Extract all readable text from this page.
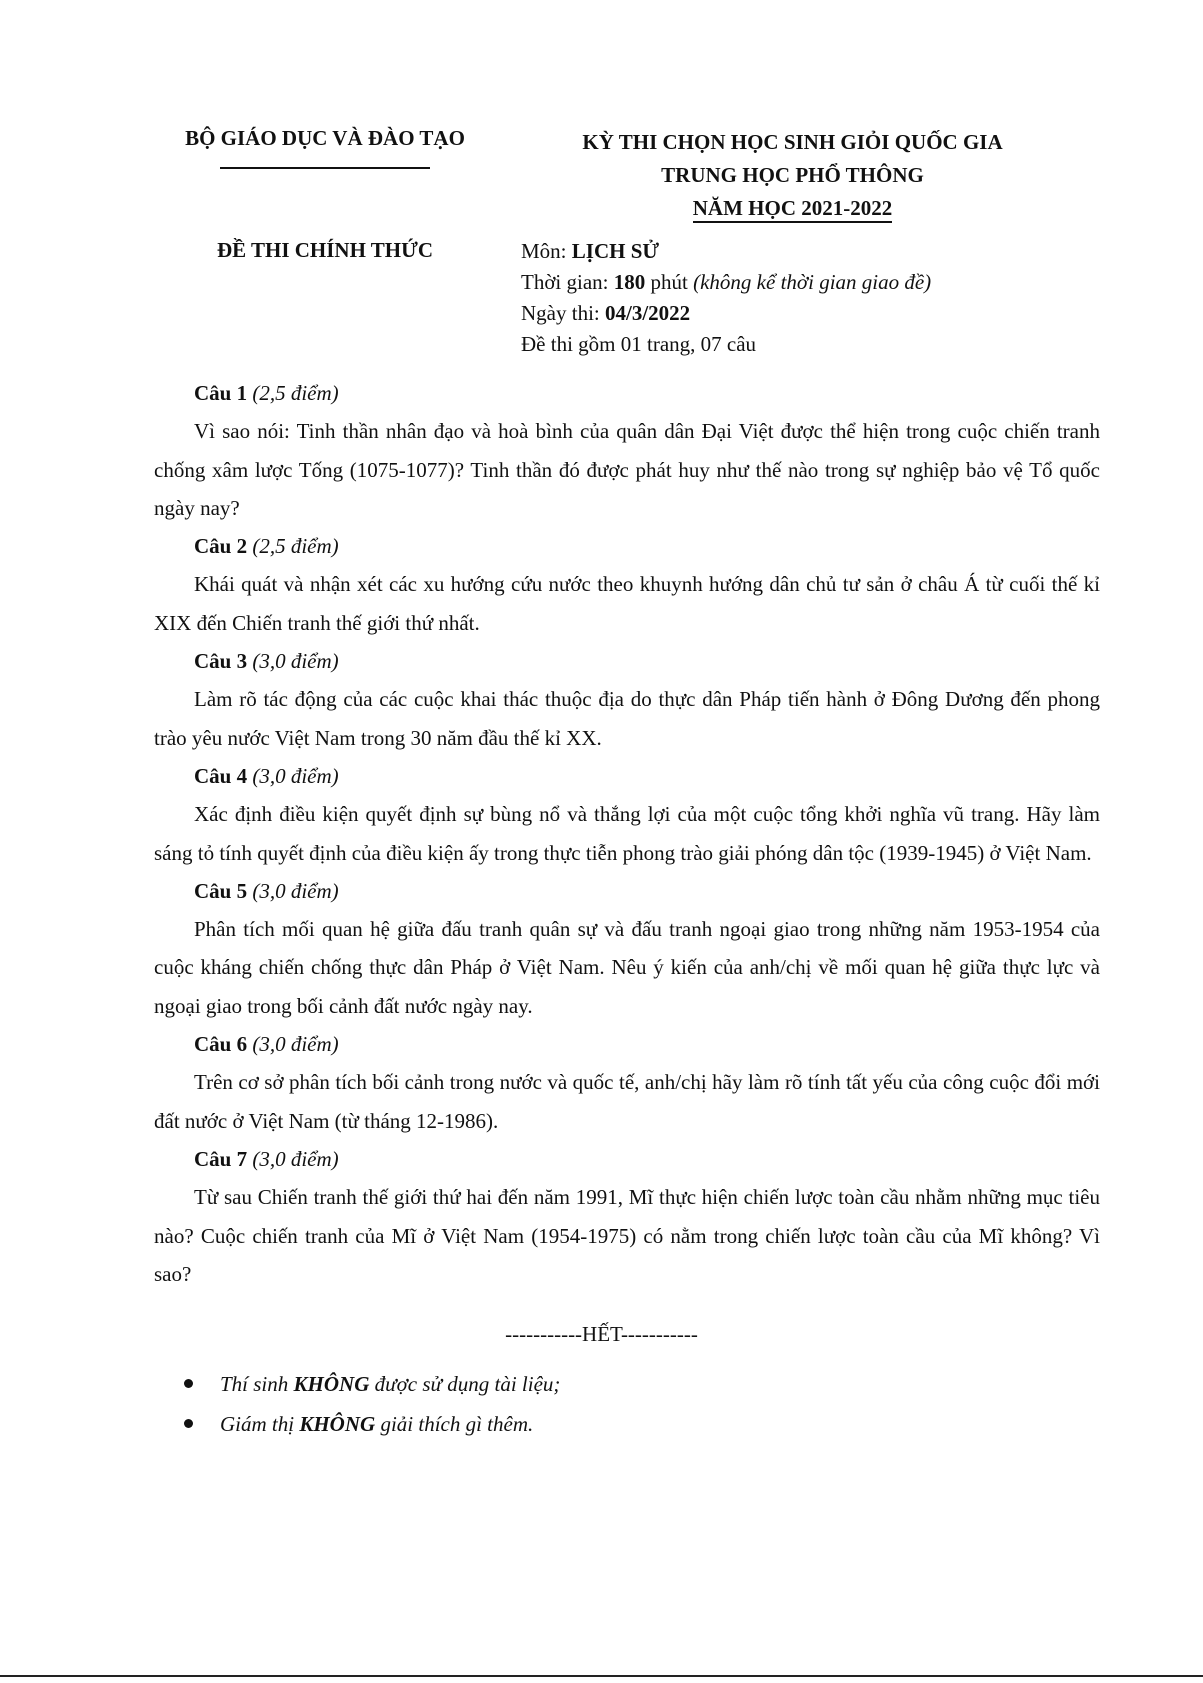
BỘ GIÁO DỤC VÀ ĐÀO TẠO	KỲ THI CHỌN HỌC SINH GIỎI QUỐC GIA
TRUNG HỌC PHỔ THÔNG
NĂM HỌC 2021-2022
ĐỀ THI CHÍNH THỨC	Môn: LỊCH SỬ
Thời gian: 180 phút (không kể thời gian giao đề)
Ngày thi: 04/3/2022
Đề thi gồm 01 trang, 07 câu
Câu 1 (2,5 điểm)

Vì sao nói: Tinh thần nhân đạo và hoà bình của quân dân Đại Việt được thể hiện trong cuộc chiến tranh chống xâm lược Tống (1075-1077)? Tinh thần đó được phát huy như thế nào trong sự nghiệp bảo vệ Tổ quốc ngày nay?

Câu 2 (2,5 điểm)

Khái quát và nhận xét các xu hướng cứu nước theo khuynh hướng dân chủ tư sản ở châu Á từ cuối thế kỉ XIX đến Chiến tranh thế giới thứ nhất.

Câu 3 (3,0 điểm)

Làm rõ tác động của các cuộc khai thác thuộc địa do thực dân Pháp tiến hành ở Đông Dương đến phong trào yêu nước Việt Nam trong 30 năm đầu thế kỉ XX.

Câu 4 (3,0 điểm)

Xác định điều kiện quyết định sự bùng nổ và thắng lợi của một cuộc tổng khởi nghĩa vũ trang. Hãy làm sáng tỏ tính quyết định của điều kiện ấy trong thực tiễn phong trào giải phóng dân tộc (1939-1945) ở Việt Nam.

Câu 5 (3,0 điểm)

Phân tích mối quan hệ giữa đấu tranh quân sự và đấu tranh ngoại giao trong những năm 1953-1954 của cuộc kháng chiến chống thực dân Pháp ở Việt Nam. Nêu ý kiến của anh/chị về mối quan hệ giữa thực lực và ngoại giao trong bối cảnh đất nước ngày nay.

Câu 6 (3,0 điểm)

Trên cơ sở phân tích bối cảnh trong nước và quốc tế, anh/chị hãy làm rõ tính tất yếu của công cuộc đổi mới đất nước ở Việt Nam (từ tháng 12-1986).

Câu 7 (3,0 điểm)

Từ sau Chiến tranh thế giới thứ hai đến năm 1991, Mĩ thực hiện chiến lược toàn cầu nhằm những mục tiêu nào? Cuộc chiến tranh của Mĩ ở Việt Nam (1954-1975) có nằm trong chiến lược toàn cầu của Mĩ không? Vì sao?

-----------HẾT-----------
Thí sinh KHÔNG được sử dụng tài liệu;
Giám thị KHÔNG giải thích gì thêm.
